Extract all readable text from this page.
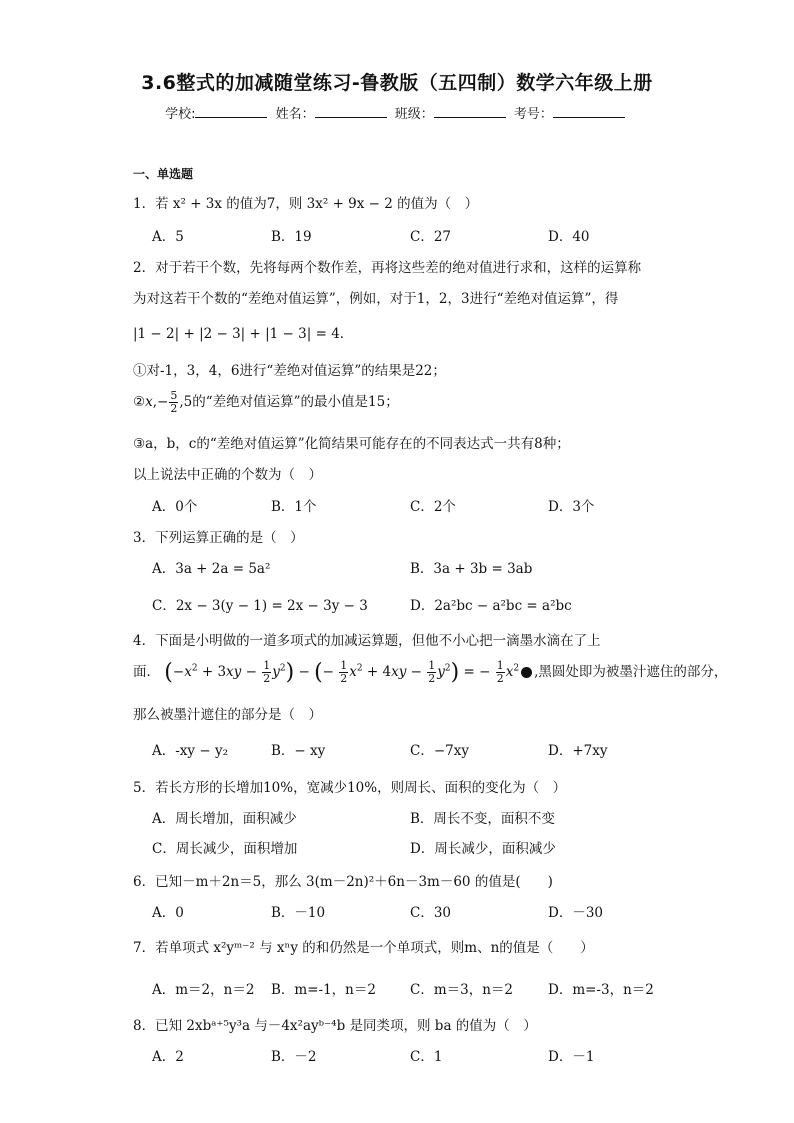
3.6整式的加减随堂练习-鲁教版（五四制）数学六年级上册
学校:	姓名：	班级：	考号：
一、单选题
1．若 x² + 3x 的值为7，则 3x² + 9x − 2 的值为（　）
A．5	B．19	C．27	D．40
2．对于若干个数，先将每两个数作差，再将这些差的绝对值进行求和，这样的运算称
为对这若干个数的“差绝对值运算”，例如，对于1，2，3进行“差绝对值运算”，得
|1 − 2| + |2 − 3| + |1 − 3| = 4．
①对-1，3，4，6进行“差绝对值运算”的结果是22；
②x,− $\frac{5}{2} ,5$的“差绝对值运算”的最小值是15；
③a，b，c的“差绝对值运算”化简结果可能存在的不同表达式一共有8种；
以上说法中正确的个数为（　）
A．0个	B．1个	C．2个	D．3个
3．下列运算正确的是（　）
A．3a + 2a = 5a²	B．3a + 3b = 3ab
C．2x − 3(y − 1) = 2x − 3y − 3	D．2a²bc − a²bc = a²bc
4．下面是小明做的一道多项式的加减运算题，但他不小心把一滴墨水滴在了上
面． $(-x^2 + 3xy - \frac{1}{2} y^2)$ − (− $\frac{1}{2} x^2 + 4xy - \frac{1}{2} y^2$) = − $\frac{1}{2} x^2$ ,黑圆处即为被墨汁遮住的部分，
那么被墨汁遮住的部分是（　）
A．-xy − y₂	B．− xy	C．−7xy	D．+7xy
5．若长方形的长增加10%，宽减少10%，则周长、面积的变化为（　）
A．周长增加，面积减少	B．周长不变，面积不变
C．周长减少，面积增加	D．周长减少，面积减少
6．已知－m＋2n＝5，那么 3(m－2n)²＋6n－3m－60 的值是(　　)
A．0	B．－10	C．30	D．－30
7．若单项式 x²yᵐ⁻² 与 xⁿy 的和仍然是一个单项式，则m、n的值是（　　）
A．m＝2，n＝2 B．m=-1，n＝2	C．m＝3，n＝2	D．m=-3，n＝2
8．已知 2xbᵃ⁺⁵y³a 与－4x²ayᵇ⁻⁴b 是同类项，则 ba 的值为（　）
A．2	B．－2	C．1	D．－1
